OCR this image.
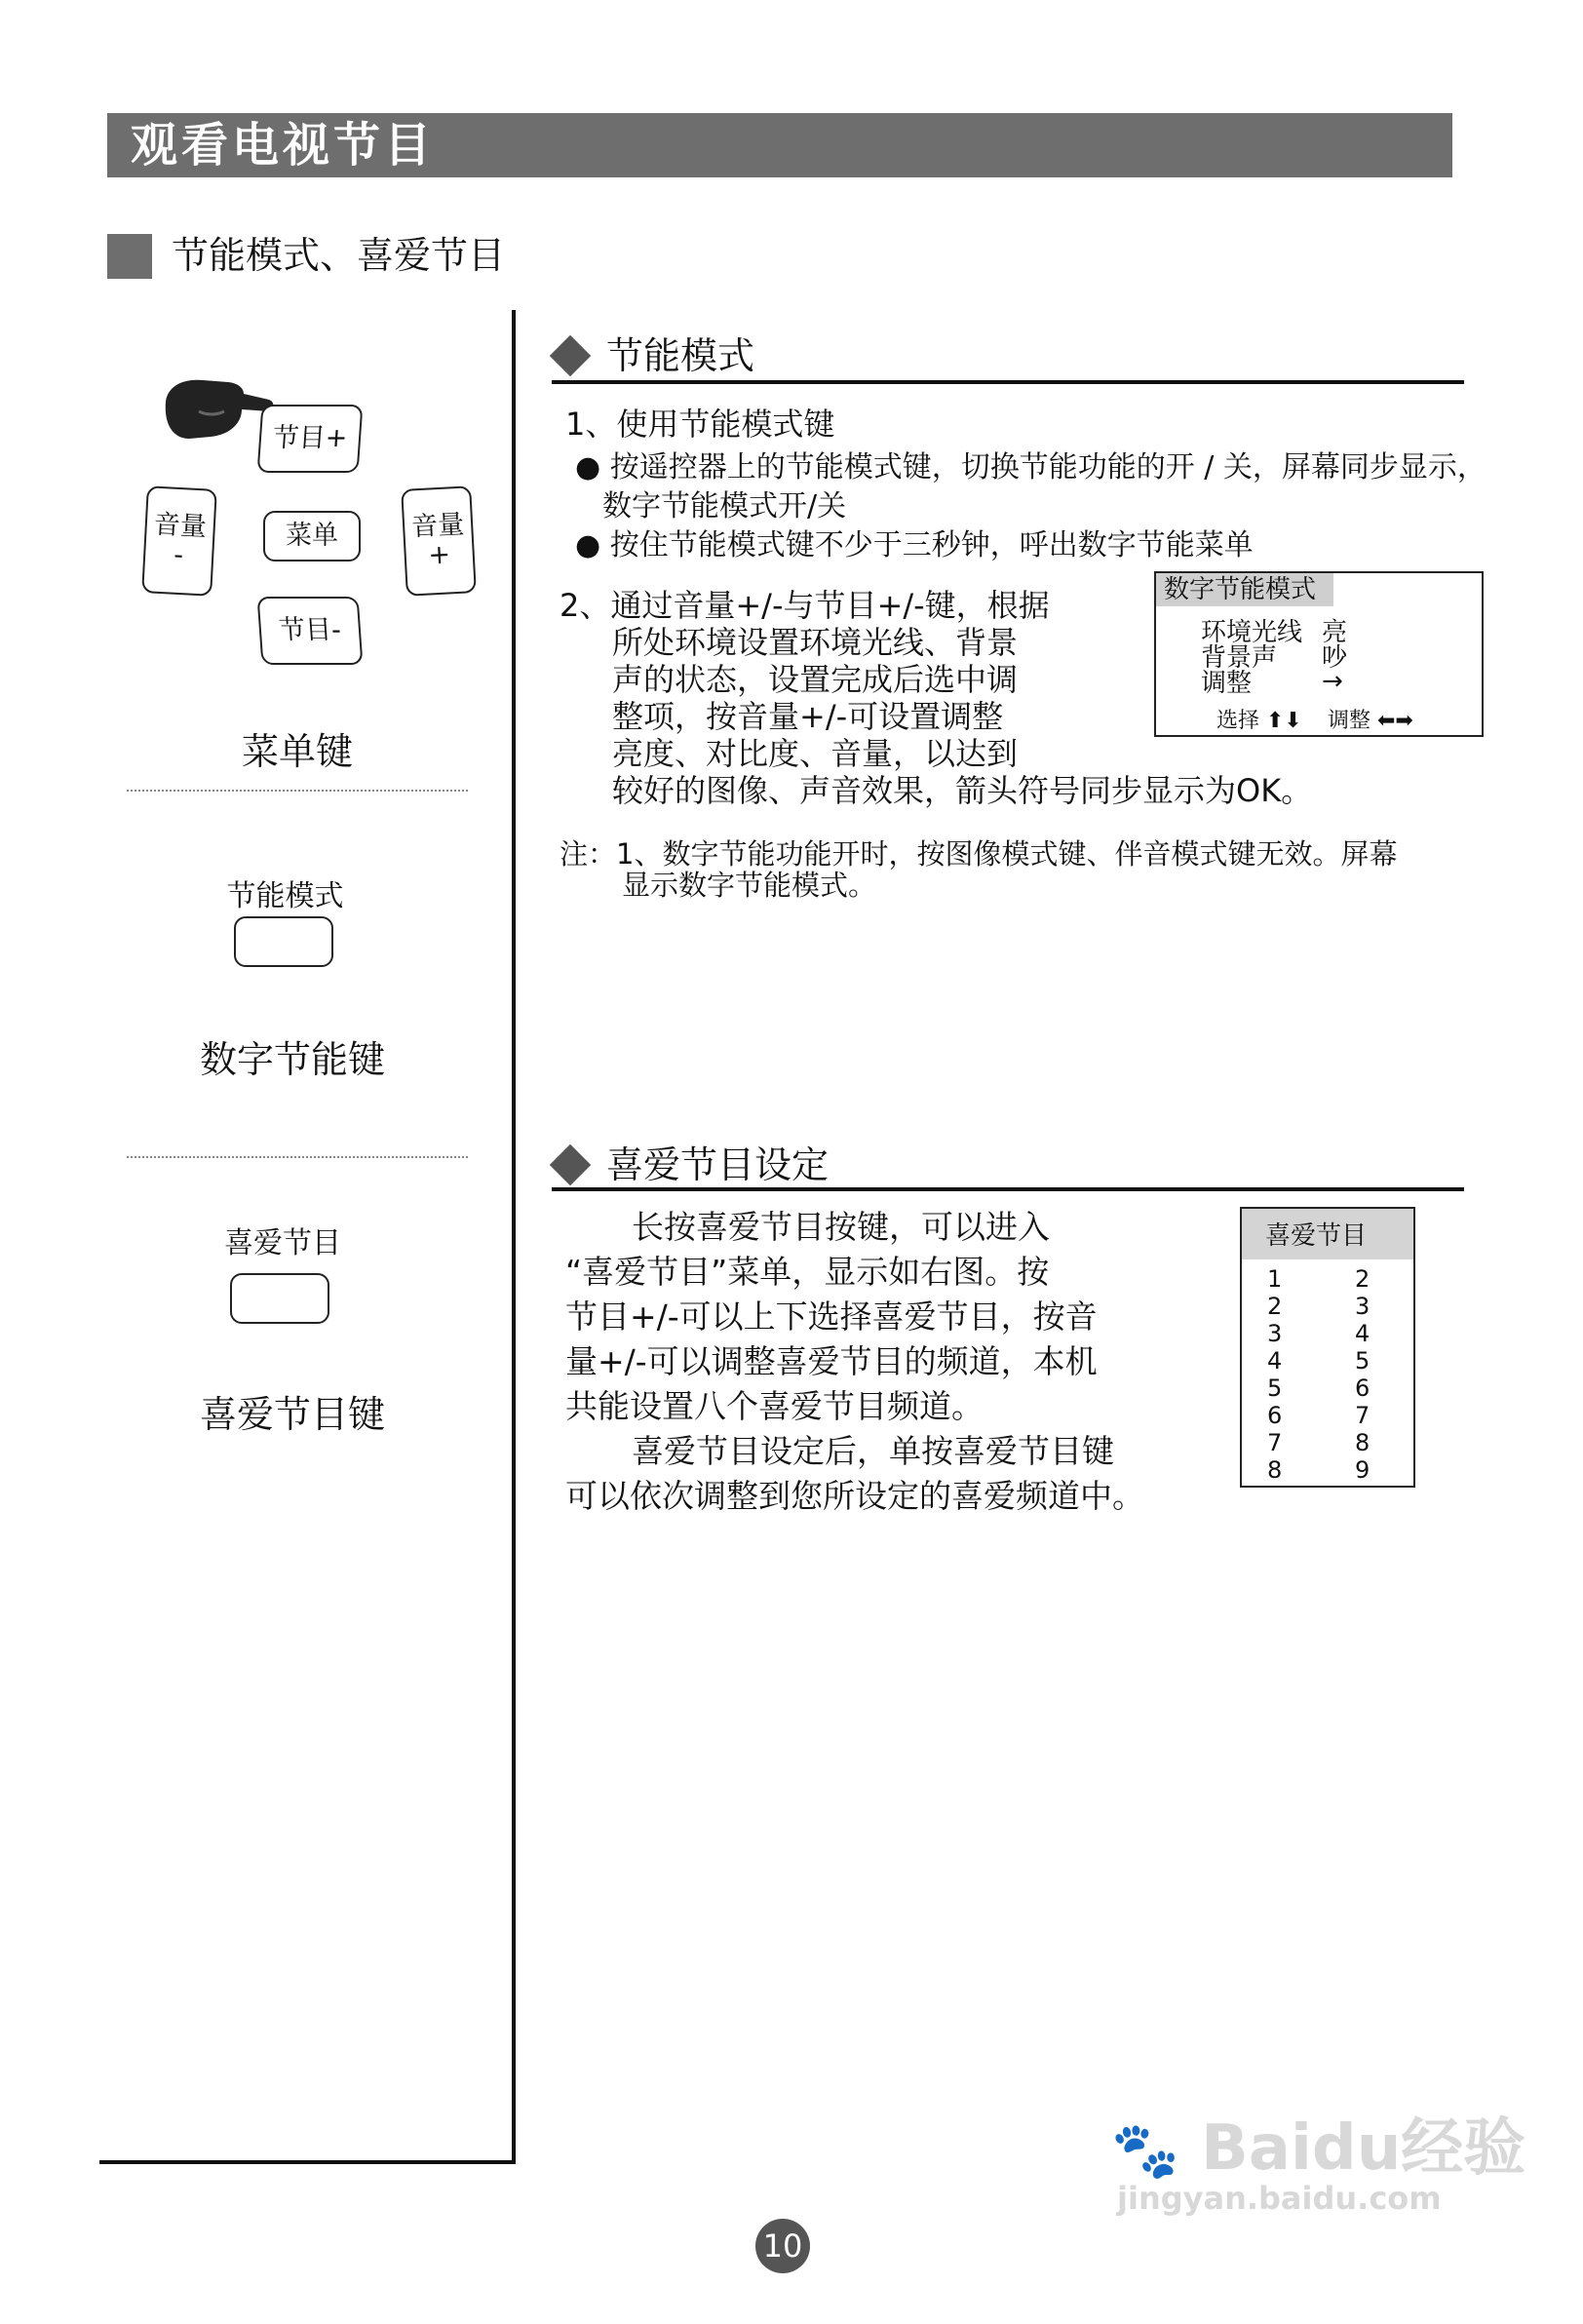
观看电视节目
节能模式、喜爱节目
节目+
音量
-
菜单	音量
+
节目-
菜单键
节能模式
数字节能键
喜爱节目
喜爱节目键
节能模式
1、使用节能模式键
● 按遥控器上的节能模式键，切换节能功能的开 / 关，屏幕同步显示，
数字节能模式开/关
● 按住节能模式键不少于三秒钟，呼出数字节能菜单
2、通过音量+/-与节目+/-键，根据
所处环境设置环境光线、背景
声的状态，设置完成后选中调
整项，按音量+/-可设置调整
亮度、对比度、音量，以达到
较好的图像、声音效果，箭头符号同步显示为OK。
数字节能模式
环境光线 亮
背景声 吵
调整	→
选择 ⬆⬇ 调整 ⬅➡
注：1、数字节能功能开时，按图像模式键、伴音模式键无效。屏幕
显示数字节能模式。
喜爱节目设定
长按喜爱节目按键，可以进入
“喜爱节目”菜单，显示如右图。按
节目+/-可以上下选择喜爱节目，按音
量+/-可以调整喜爱节目的频道，本机
共能设置八个喜爱节目频道。
喜爱节目设定后，单按喜爱节目键
可以依次调整到您所设定的喜爱频道中。
喜爱节目
1	2
2	3
3	4
4	5
5	6
6	7
7	8
8	9
🐾 Baidu经验
jingyan.baidu.com
10
